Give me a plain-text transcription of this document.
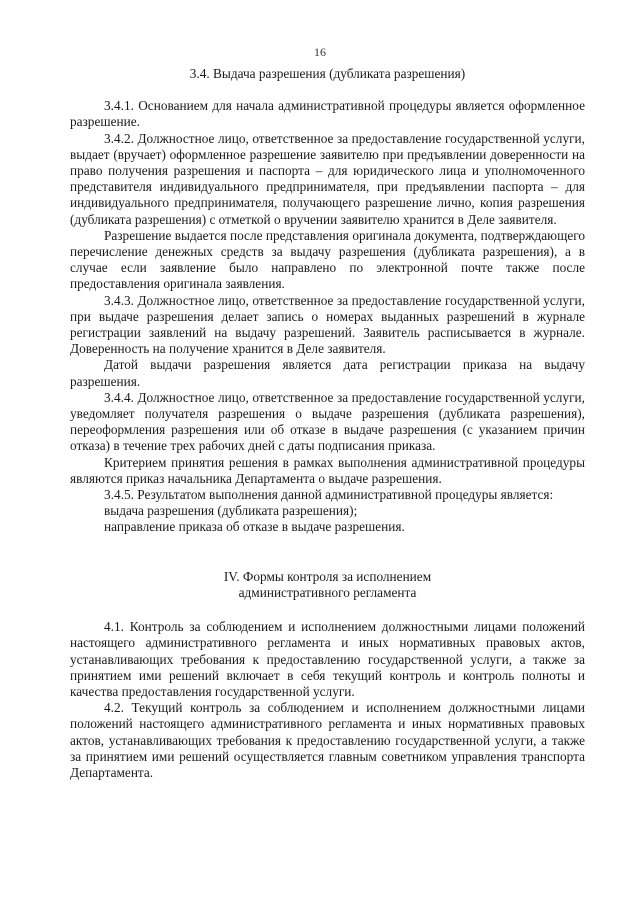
16

3.4. Выдача разрешения (дубликата разрешения)

3.4.1. Основанием для начала административной процедуры является оформленное разрешение.

3.4.2. Должностное лицо, ответственное за предоставление государственной услуги, выдает (вручает) оформленное разрешение заявителю при предъявлении доверенности на право получения разрешения и паспорта – для юридического лица и уполномоченного представителя индивидуального предпринимателя, при предъявлении паспорта – для индивидуального предпринимателя, получающего разрешение лично, копия разрешения (дубликата разрешения) с отметкой о вручении заявителю хранится в Деле заявителя.

Разрешение выдается после представления оригинала документа, подтверждающего перечисление денежных средств за выдачу разрешения (дубликата разрешения), а в случае если заявление было направлено по электронной почте также после предоставления оригинала заявления.

3.4.3. Должностное лицо, ответственное за предоставление государственной услуги, при выдаче разрешения делает запись о номерах выданных разрешений в журнале регистрации заявлений на выдачу разрешений. Заявитель расписывается в журнале. Доверенность на получение хранится в Деле заявителя.

Датой выдачи разрешения является дата регистрации приказа на выдачу разрешения.

3.4.4. Должностное лицо, ответственное за предоставление государственной услуги, уведомляет получателя разрешения о выдаче разрешения (дубликата разрешения), переоформления разрешения или об отказе в выдаче разрешения (с указанием причин отказа) в течение трех рабочих дней с даты подписания приказа.

Критерием принятия решения в рамках выполнения административной процедуры являются приказ начальника Департамента о выдаче разрешения.

3.4.5. Результатом выполнения данной административной процедуры является:

выдача разрешения (дубликата разрешения);

направление приказа об отказе в выдаче разрешения.

IV. Формы контроля за исполнением
административного регламента

4.1. Контроль за соблюдением и исполнением должностными лицами положений настоящего административного регламента и иных нормативных правовых актов, устанавливающих требования к предоставлению государственной услуги, а также за принятием ими решений включает в себя текущий контроль и контроль полноты и качества предоставления государственной услуги.

4.2. Текущий контроль за соблюдением и исполнением должностными лицами положений настоящего административного регламента и иных нормативных правовых актов, устанавливающих требования к предоставлению государственной услуги, а также за принятием ими решений осуществляется главным советником управления транспорта Департамента.
